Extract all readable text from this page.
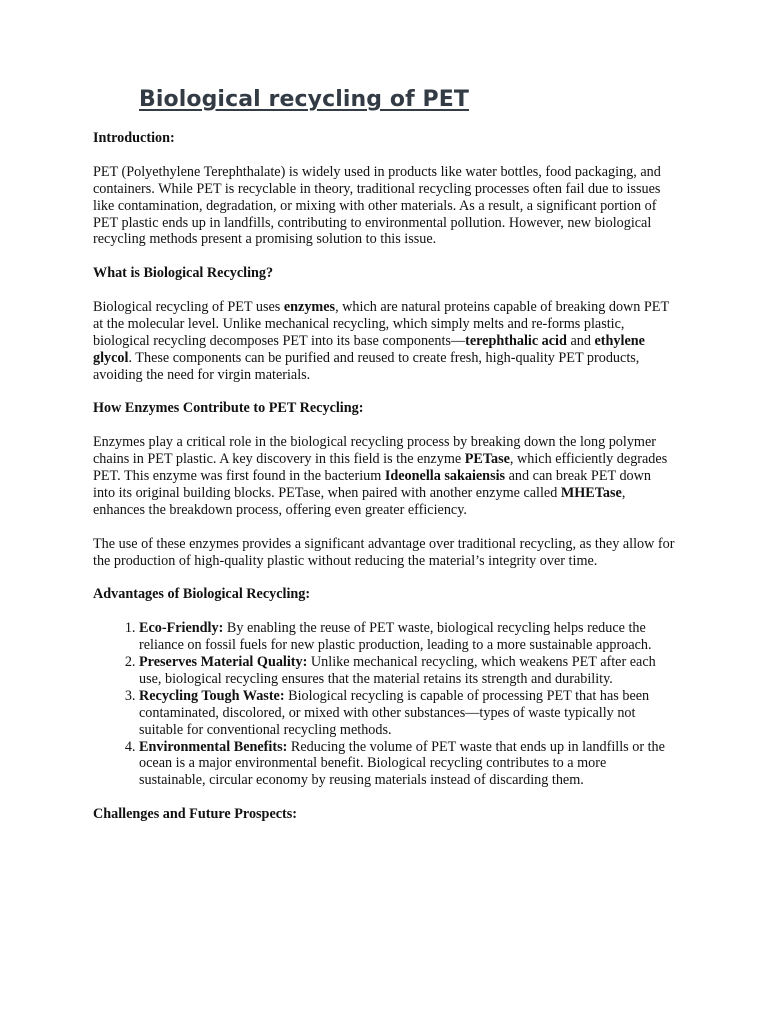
Biological recycling of PET

Introduction:

PET (Polyethylene Terephthalate) is widely used in products like water bottles, food packaging, and containers. While PET is recyclable in theory, traditional recycling processes often fail due to issues like contamination, degradation, or mixing with other materials. As a result, a significant portion of PET plastic ends up in landfills, contributing to environmental pollution. However, new biological recycling methods present a promising solution to this issue.

What is Biological Recycling?

Biological recycling of PET uses enzymes, which are natural proteins capable of breaking down PET at the molecular level. Unlike mechanical recycling, which simply melts and re-forms plastic, biological recycling decomposes PET into its base components—terephthalic acid and ethylene glycol. These components can be purified and reused to create fresh, high-quality PET products, avoiding the need for virgin materials.

How Enzymes Contribute to PET Recycling:

Enzymes play a critical role in the biological recycling process by breaking down the long polymer chains in PET plastic. A key discovery in this field is the enzyme PETase, which efficiently degrades PET. This enzyme was first found in the bacterium Ideonella sakaiensis and can break PET down into its original building blocks. PETase, when paired with another enzyme called MHETase, enhances the breakdown process, offering even greater efficiency.

The use of these enzymes provides a significant advantage over traditional recycling, as they allow for the production of high-quality plastic without reducing the material’s integrity over time.

Advantages of Biological Recycling:

1. Eco-Friendly: By enabling the reuse of PET waste, biological recycling helps reduce the reliance on fossil fuels for new plastic production, leading to a more sustainable approach.
2. Preserves Material Quality: Unlike mechanical recycling, which weakens PET after each use, biological recycling ensures that the material retains its strength and durability.
3. Recycling Tough Waste: Biological recycling is capable of processing PET that has been contaminated, discolored, or mixed with other substances—types of waste typically not suitable for conventional recycling methods.
4. Environmental Benefits: Reducing the volume of PET waste that ends up in landfills or the ocean is a major environmental benefit. Biological recycling contributes to a more sustainable, circular economy by reusing materials instead of discarding them.

Challenges and Future Prospects:
